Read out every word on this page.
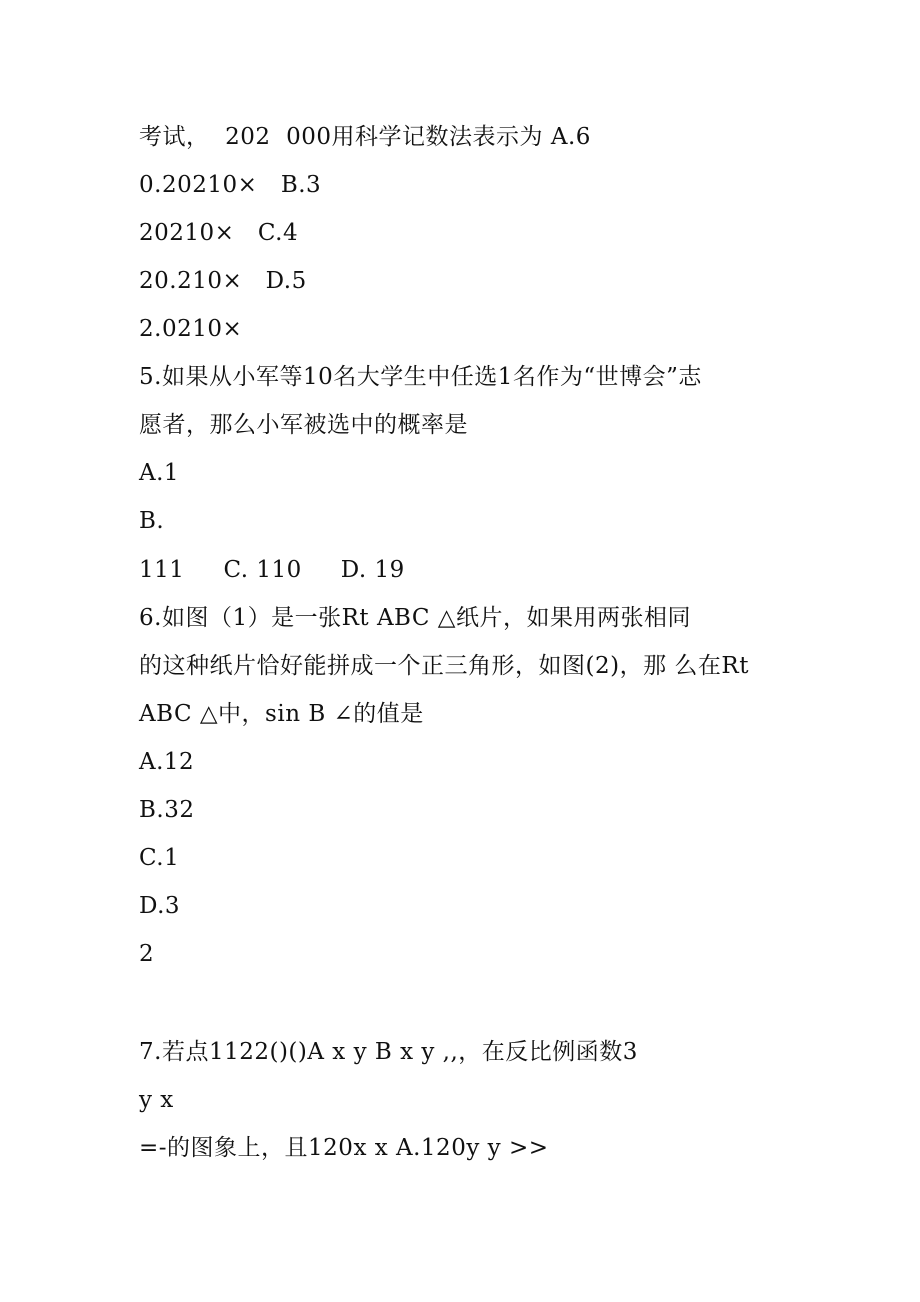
考试，  202  000用科学记数法表示为 A.6
0.20210×   B.3
20210×   C.4
20.210×   D.5
2.0210×
5.如果从小军等10名大学生中任选1名作为“世博会”志
愿者，那么小军被选中的概率是
A.1
B.
111     C. 110     D. 19
6.如图（1）是一张Rt ABC △纸片，如果用两张相同
的这种纸片恰好能拼成一个正三角形，如图(2)，那 么在Rt
ABC △中，sin B ∠的值是
A.12
B.32
C.1
D.3
2
7.若点1122()()A x y B x y ,,，在反比例函数3
y x
=-的图象上，且120x x A.120y y >>
